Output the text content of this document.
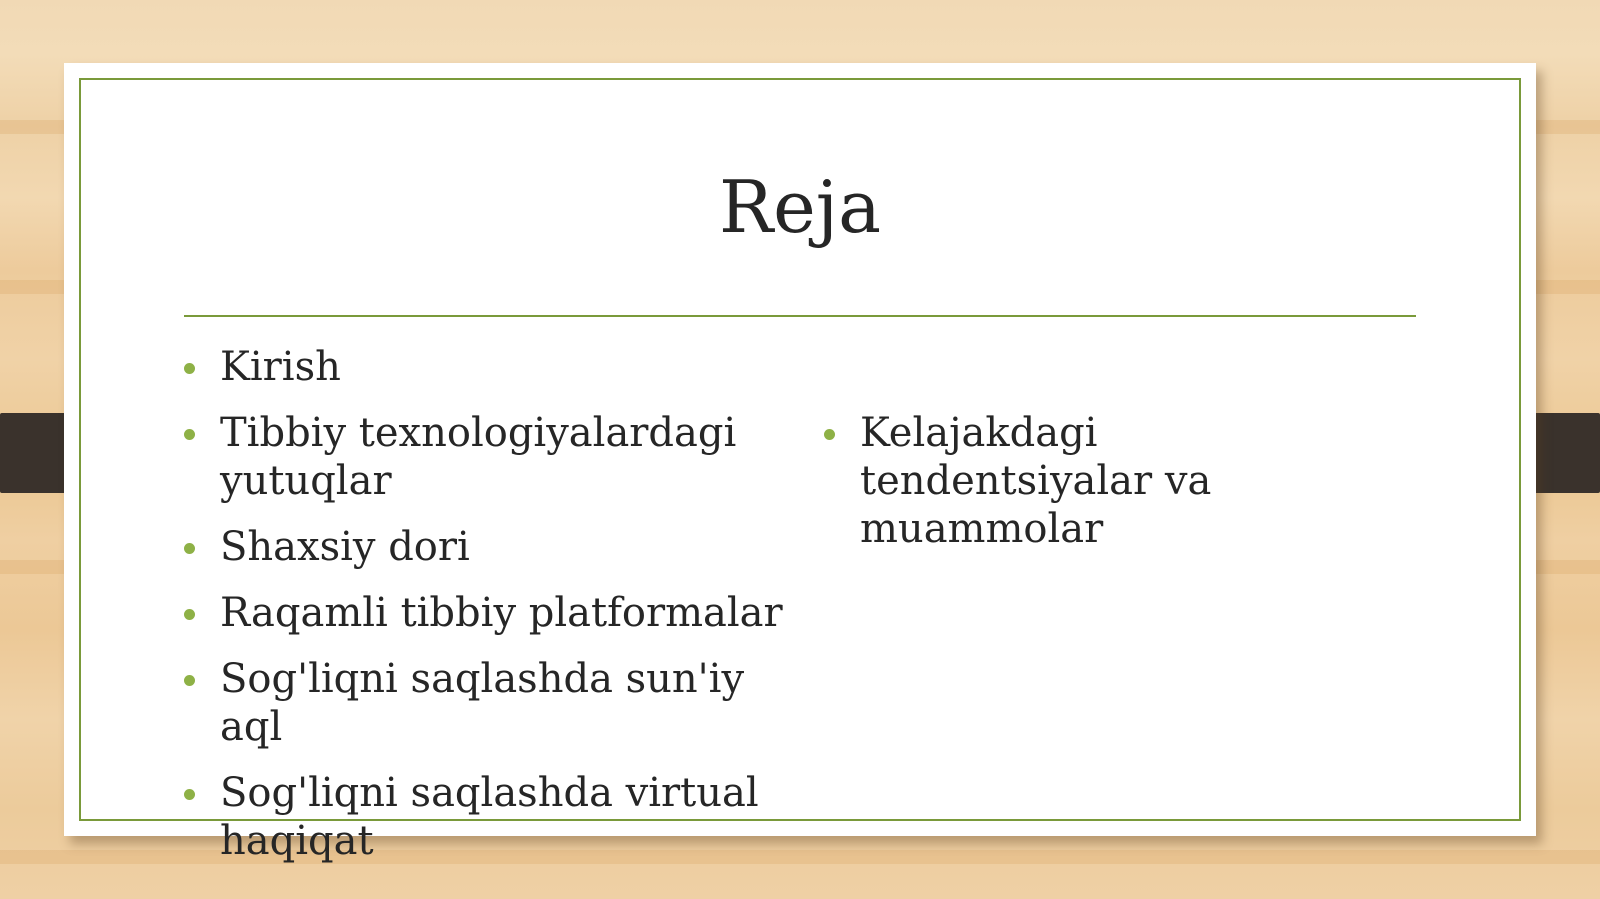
Reja
Kirish
Tibbiy texnologiyalardagi yutuqlar
Shaxsiy dori
Raqamli tibbiy platformalar
Sog'liqni saqlashda sun'iy aql
Sog'liqni saqlashda virtual haqiqat
Kelajakdagi tendentsiyalar va muammolar
